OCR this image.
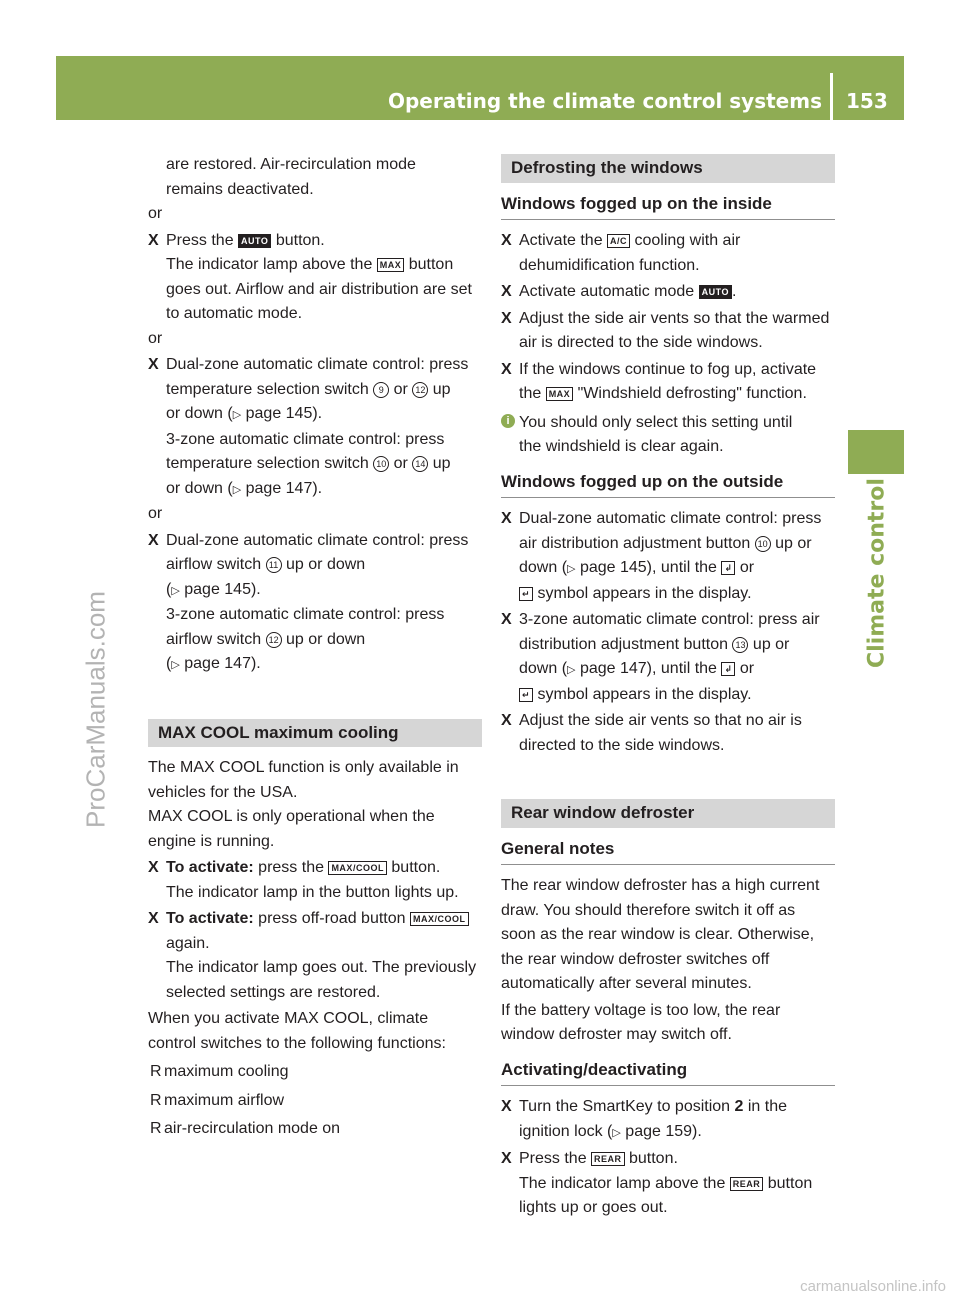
Operating the climate control systems 153
Climate control
ProCarManuals.com
carmanualsonline.info
are restored. Air-recirculation mode
remains deactivated.
or
X Press the AUTO button.
The indicator lamp above the MAX button
goes out. Airflow and air distribution are set
to automatic mode.
or
X Dual-zone automatic climate control: press
temperature selection switch 9 or 12 up
or down (▷ page 145).
3-zone automatic climate control: press
temperature selection switch 10 or 14 up
or down (▷ page 147).
or
X Dual-zone automatic climate control: press
airflow switch 11 up or down
(▷ page 145).
3-zone automatic climate control: press
airflow switch 12 up or down
(▷ page 147).
MAX COOL maximum cooling
The MAX COOL function is only available in
vehicles for the USA.
MAX COOL is only operational when the
engine is running.
X To activate: press the MAX/COOL button.
The indicator lamp in the button lights up.
X To activate: press off-road button MAX/COOL
again.
The indicator lamp goes out. The previously
selected settings are restored.
When you activate MAX COOL, climate
control switches to the following functions:
R maximum cooling
R maximum airflow
R air-recirculation mode on
Defrosting the windows
Windows fogged up on the inside
X Activate the A/C cooling with air
dehumidification function.
X Activate automatic mode AUTO .
X Adjust the side air vents so that the warmed
air is directed to the side windows.
X If the windows continue to fog up, activate
the MAX "Windshield defrosting" function.
i You should only select this setting until
the windshield is clear again.
Windows fogged up on the outside
X Dual-zone automatic climate control: press
air distribution adjustment button 10 up or
down (▷ page 145), until the ↲ or
↵ symbol appears in the display.
X 3-zone automatic climate control: press air
distribution adjustment button 13 up or
down (▷ page 147), until the ↲ or
↵ symbol appears in the display.
X Adjust the side air vents so that no air is
directed to the side windows.
Rear window defroster
General notes
The rear window defroster has a high current
draw. You should therefore switch it off as
soon as the rear window is clear. Otherwise,
the rear window defroster switches off
automatically after several minutes.
If the battery voltage is too low, the rear
window defroster may switch off.
Activating/deactivating
X Turn the SmartKey to position 2 in the
ignition lock (▷ page 159).
X Press the REAR button.
The indicator lamp above the REAR button
lights up or goes out.
